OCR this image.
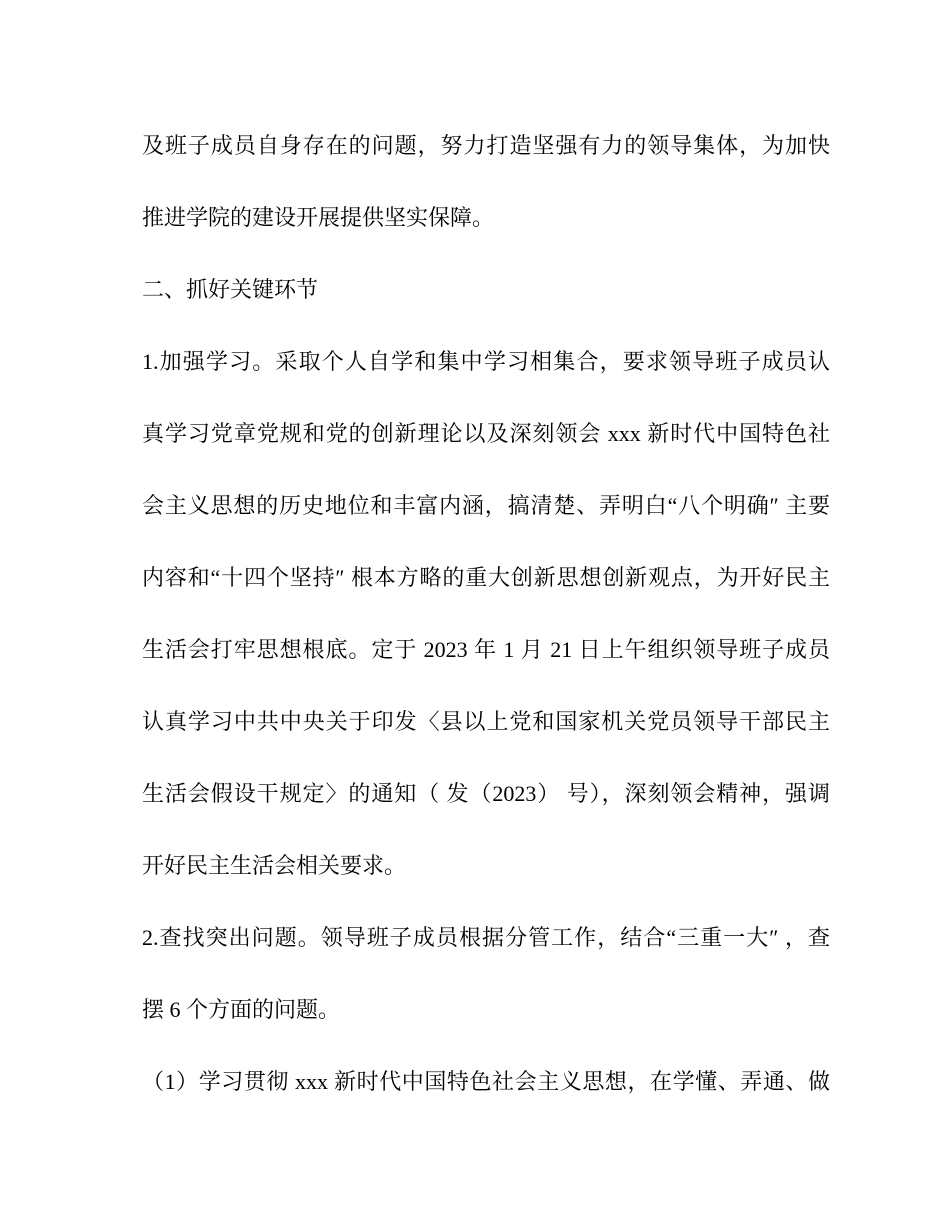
及班子成员自身存在的问题，努力打造坚强有力的领导集体，为加快
推进学院的建设开展提供坚实保障。
二、抓好关键环节
1.加强学习。采取个人自学和集中学习相集合，要求领导班子成员认
真学习党章党规和党的创新理论以及深刻领会 xxx 新时代中国特色社
会主义思想的历史地位和丰富内涵，搞清楚、弄明白“八个明确″ 主要
内容和“十四个坚持″ 根本方略的重大创新思想创新观点，为开好民主
生活会打牢思想根底。定于 2023 年 1 月 21 日上午组织领导班子成员
认真学习中共中央关于印发〈县以上党和国家机关党员领导干部民主
生活会假设干规定〉的通知（ 发（2023） 号），深刻领会精神，强调
开好民主生活会相关要求。
2.查找突出问题。领导班子成员根据分管工作，结合“三重一大″ ，查
摆 6 个方面的问题。
（1）学习贯彻 xxx 新时代中国特色社会主义思想，在学懂、弄通、做
